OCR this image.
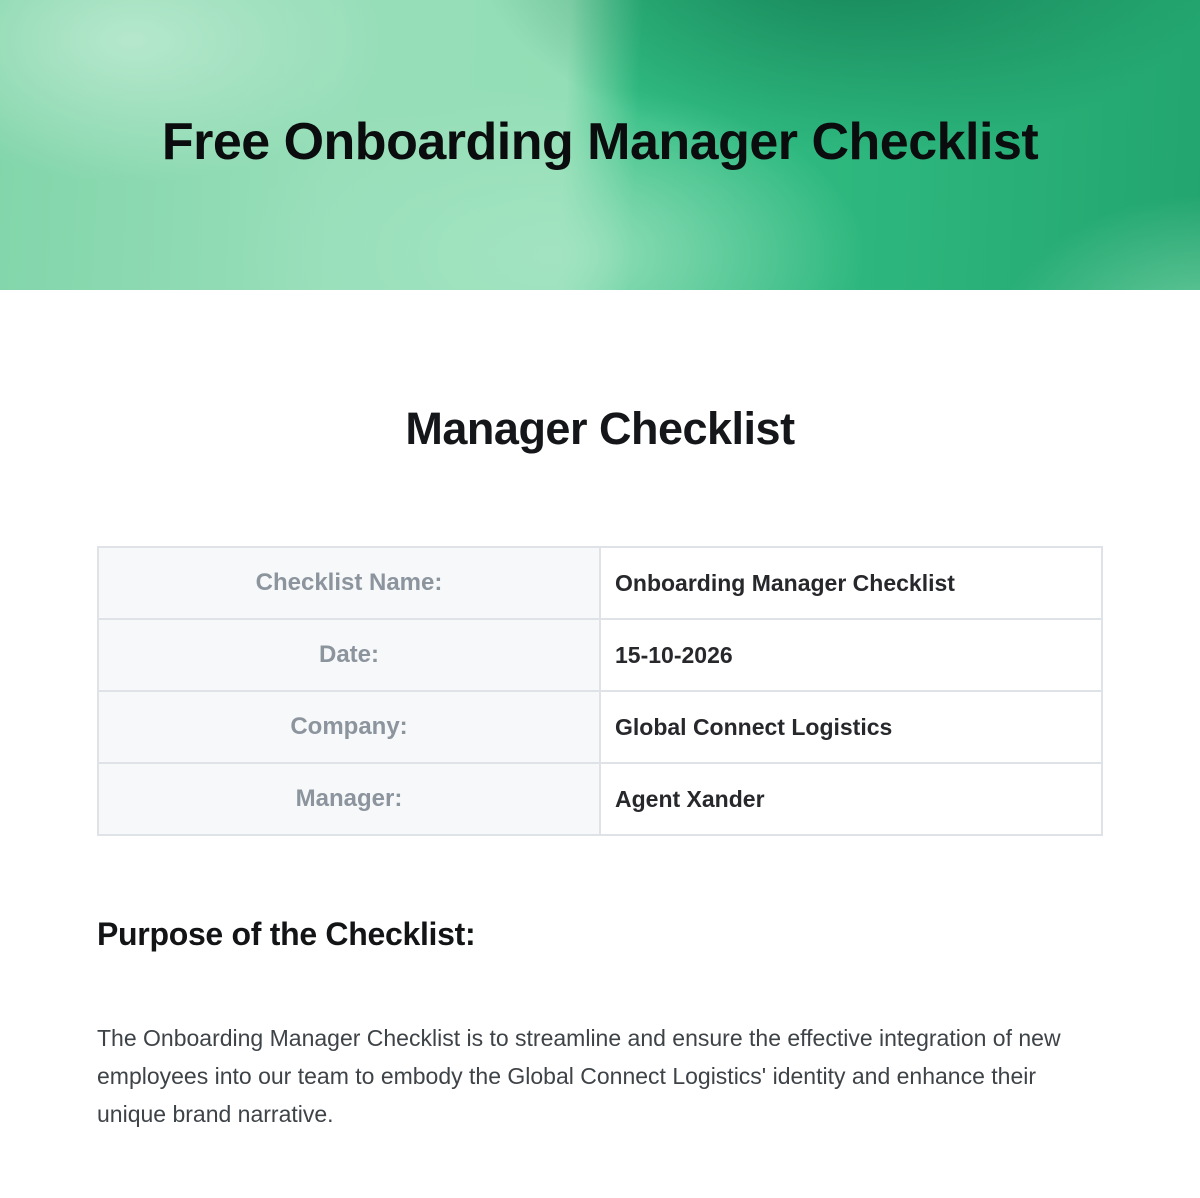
Free Onboarding Manager Checklist
Manager Checklist
Checklist Name:	Onboarding Manager Checklist
Date:	15-10-2026
Company:	Global Connect Logistics
Manager:	Agent Xander
Purpose of the Checklist:

The Onboarding Manager Checklist is to streamline and ensure the effective integration of new employees into our team to embody the Global Connect Logistics' identity and enhance their unique brand narrative.
